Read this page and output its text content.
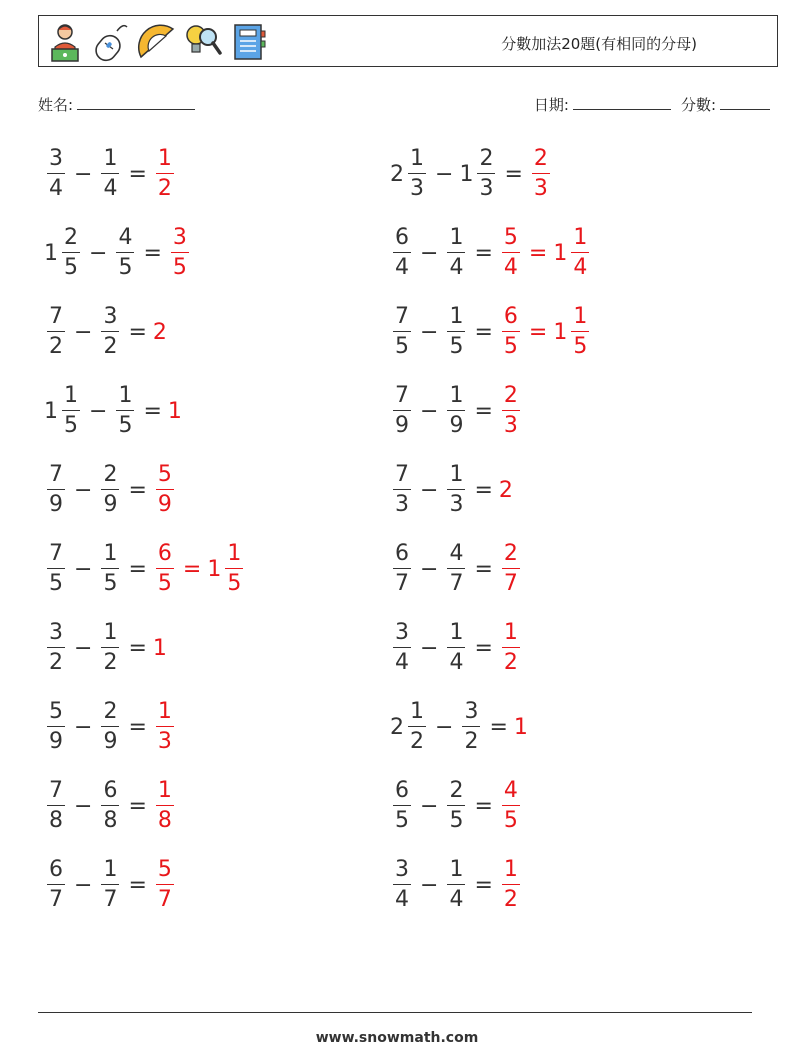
分數加法20題(有相同的分母)
姓名:	日期:	分數:
$\frac{3}{4} - \frac{1}{4} = \frac{1}{2}$	$2 \frac{1}{3} - 1 \frac{2}{3} = \frac{2}{3}$
$1 \frac{2}{5} - \frac{4}{5} = \frac{3}{5}$	$\frac{6}{4} - \frac{1}{4} = \frac{5}{4} = 1 \frac{1}{4}$
$\frac{7}{2} - \frac{3}{2} = 2$	$\frac{7}{5} - \frac{1}{5} = \frac{6}{5} = 1 \frac{1}{5}$
$1 \frac{1}{5} - \frac{1}{5} = 1$	$\frac{7}{9} - \frac{1}{9} = \frac{2}{3}$
$\frac{7}{9} - \frac{2}{9} = \frac{5}{9}$	$\frac{7}{3} - \frac{1}{3} = 2$
$\frac{7}{5} - \frac{1}{5} = \frac{6}{5} = 1 \frac{1}{5}$	$\frac{6}{7} - \frac{4}{7} = \frac{2}{7}$
$\frac{3}{2} - \frac{1}{2} = 1$	$\frac{3}{4} - \frac{1}{4} = \frac{1}{2}$
$\frac{5}{9} - \frac{2}{9} = \frac{1}{3}$	$2 \frac{1}{2} - \frac{3}{2} = 1$
$\frac{7}{8} - \frac{6}{8} = \frac{1}{8}$	$\frac{6}{5} - \frac{2}{5} = \frac{4}{5}$
$\frac{6}{7} - \frac{1}{7} = \frac{5}{7}$	$\frac{3}{4} - \frac{1}{4} = \frac{1}{2}$
www.snowmath.com
